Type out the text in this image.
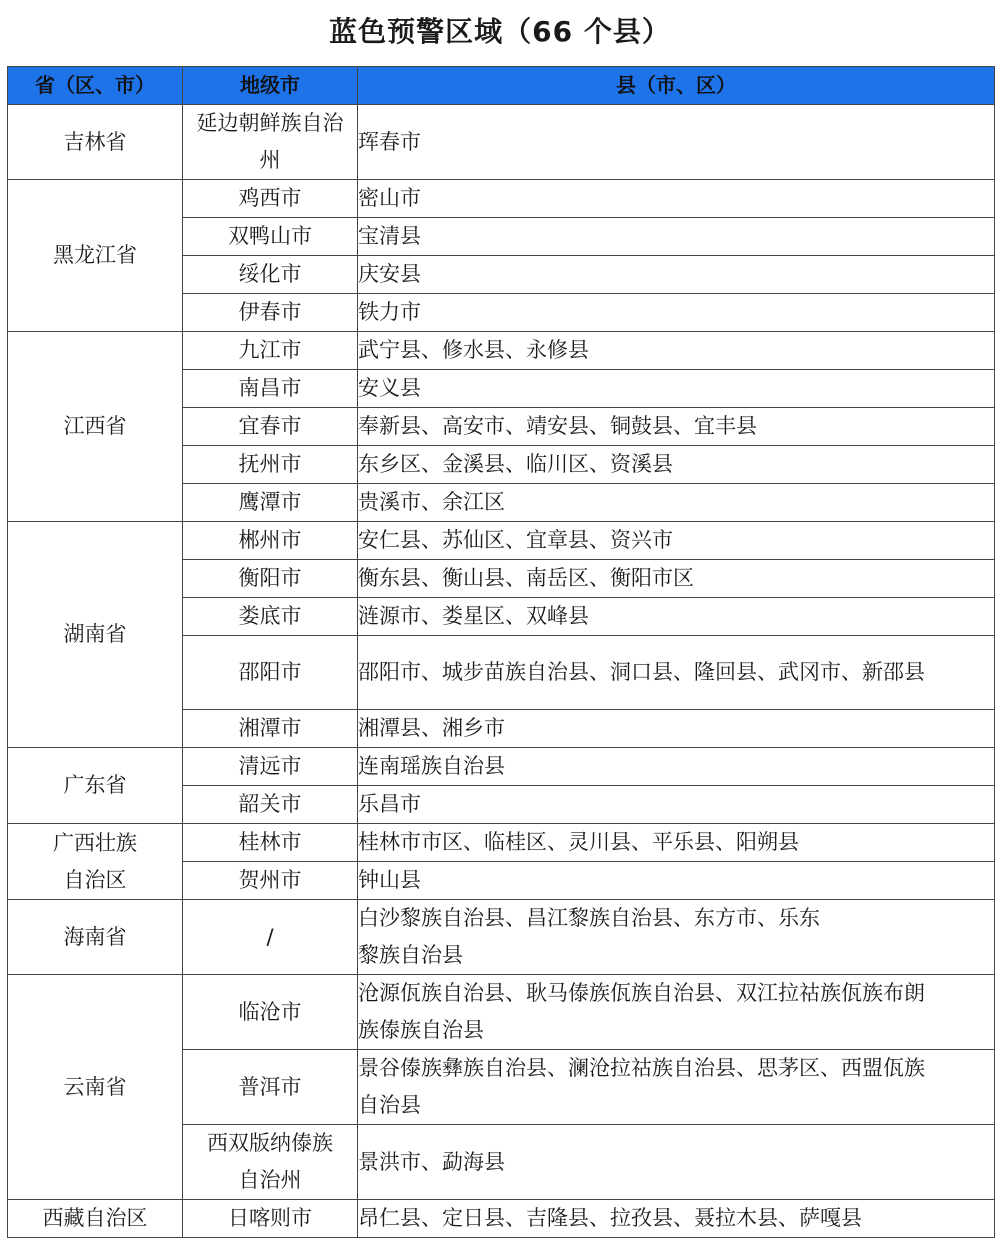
蓝色预警区域（66 个县）
省（区、市）	地级市	县（市、区）

吉林省	延边朝鲜族自治州	珲春市

黑龙江省	鸡西市	密山市

	双鸭山市	宝清县

	绥化市	庆安县

	伊春市	铁力市

江西省	九江市	武宁县、修水县、永修县

	南昌市	安义县

	宜春市	奉新县、高安市、靖安县、铜鼓县、宜丰县

	抚州市	东乡区、金溪县、临川区、资溪县

	鹰潭市	贵溪市、余江区

湖南省	郴州市	安仁县、苏仙区、宜章县、资兴市

	衡阳市	衡东县、衡山县、南岳区、衡阳市区

	娄底市	涟源市、娄星区、双峰县

	邵阳市	邵阳市、城步苗族自治县、洞口县、隆回县、武冈市、新邵县

	湘潭市	湘潭县、湘乡市

广东省	清远市	连南瑶族自治县

	韶关市	乐昌市

广西壮族自治区	桂林市	桂林市市区、临桂区、灵川县、平乐县、阳朔县

	贺州市	钟山县

海南省	/	白沙黎族自治县、昌江黎族自治县、东方市、乐东黎族自治县

云南省	临沧市	沧源佤族自治县、耿马傣族佤族自治县、双江拉祜族佤族布朗族傣族自治县

	普洱市	景谷傣族彝族自治县、澜沧拉祜族自治县、思茅区、西盟佤族自治县

	西双版纳傣族自治州	景洪市、勐海县

西藏自治区	日喀则市	昂仁县、定日县、吉隆县、拉孜县、聂拉木县、萨嘎县
